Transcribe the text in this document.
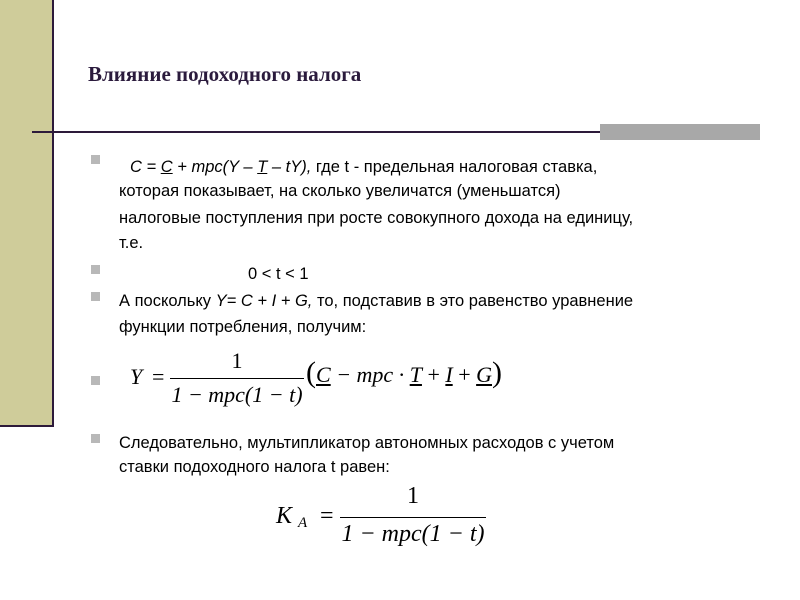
Влияние подоходного налога
C = C + mpc(Y – T – tY), где t - предельная налоговая ставка,
которая показывает, на сколько увеличатся (уменьшатся)
налоговые поступления при росте совокупного дохода на единицу,
т.е.
0 < t < 1
А поскольку Y= C + I + G, то, подставив в это равенство уравнение
функции потребления, получим:
Y =
1
1 − mpc(1 − t)
(C − mpc · T + I + G)
Следовательно, мультипликатор автономных расходов с учетом
ставки подоходного налога t равен:
K A =
1
1 − mpc(1 − t)
